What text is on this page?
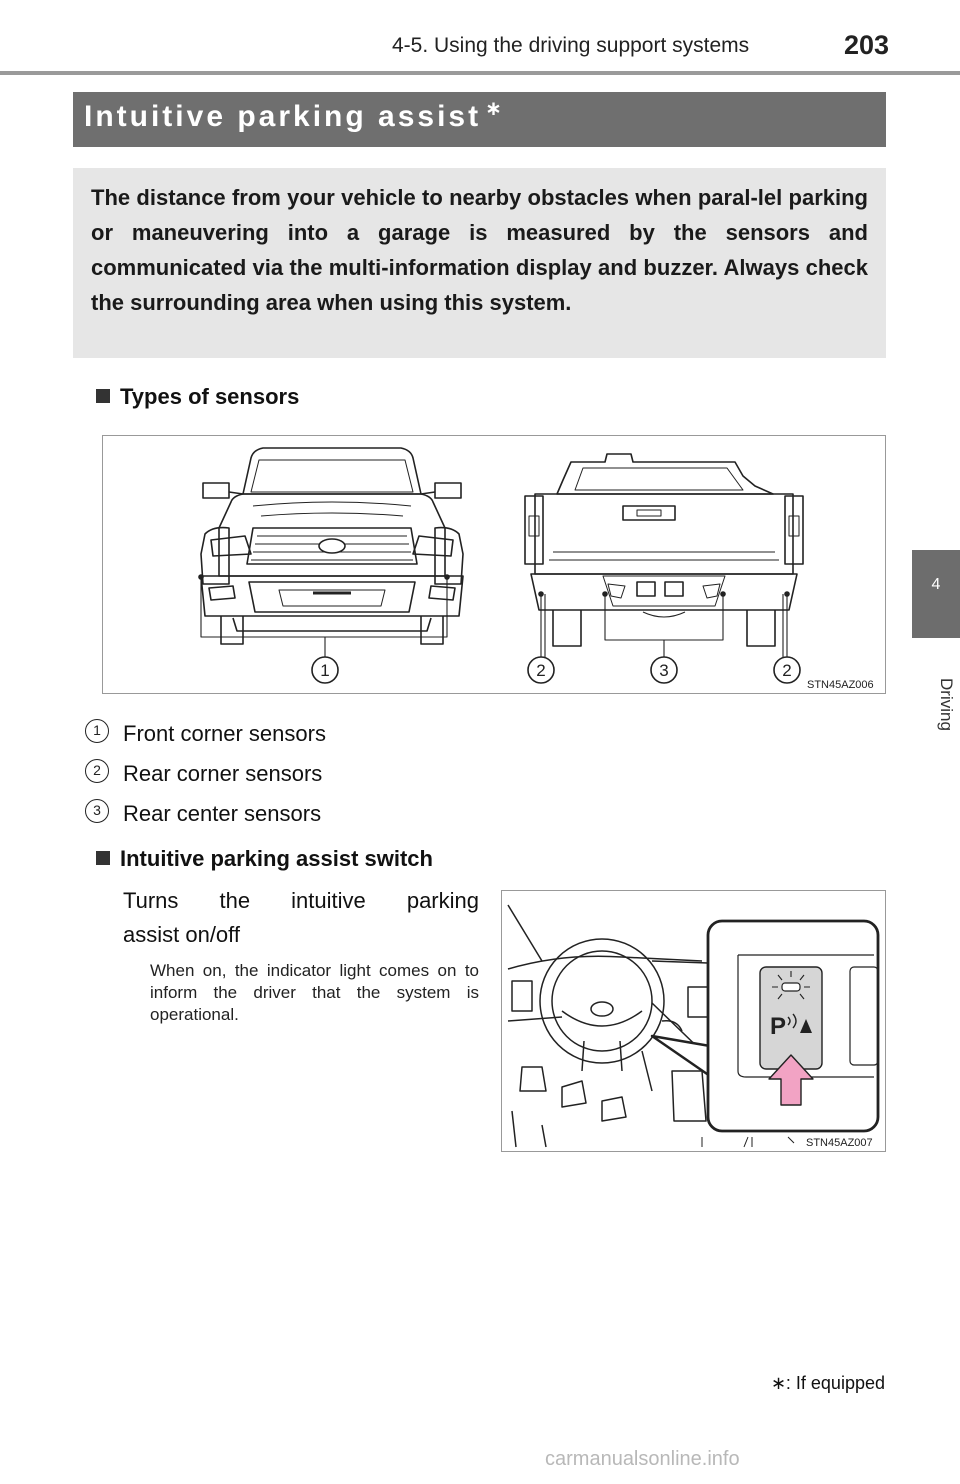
4-5. Using the driving support systems	203
4
Driving
Intuitive parking assist ∗
The distance from your vehicle to nearby obstacles when paral-lel parking or maneuvering into a garage is measured by the sensors and communicated via the multi-information display and buzzer. Always check the surrounding area when using this system.
Types of sensors
1	2	3	2
STN45AZ006
1	Front corner sensors
2	Rear corner sensors
3	Rear center sensors
Intuitive parking assist switch
Turns the intuitive parking
assist on/off
When on, the indicator light comes on to inform the driver that the system is operational.	P
STN45AZ007
∗: If equipped
carmanualsonline.info
